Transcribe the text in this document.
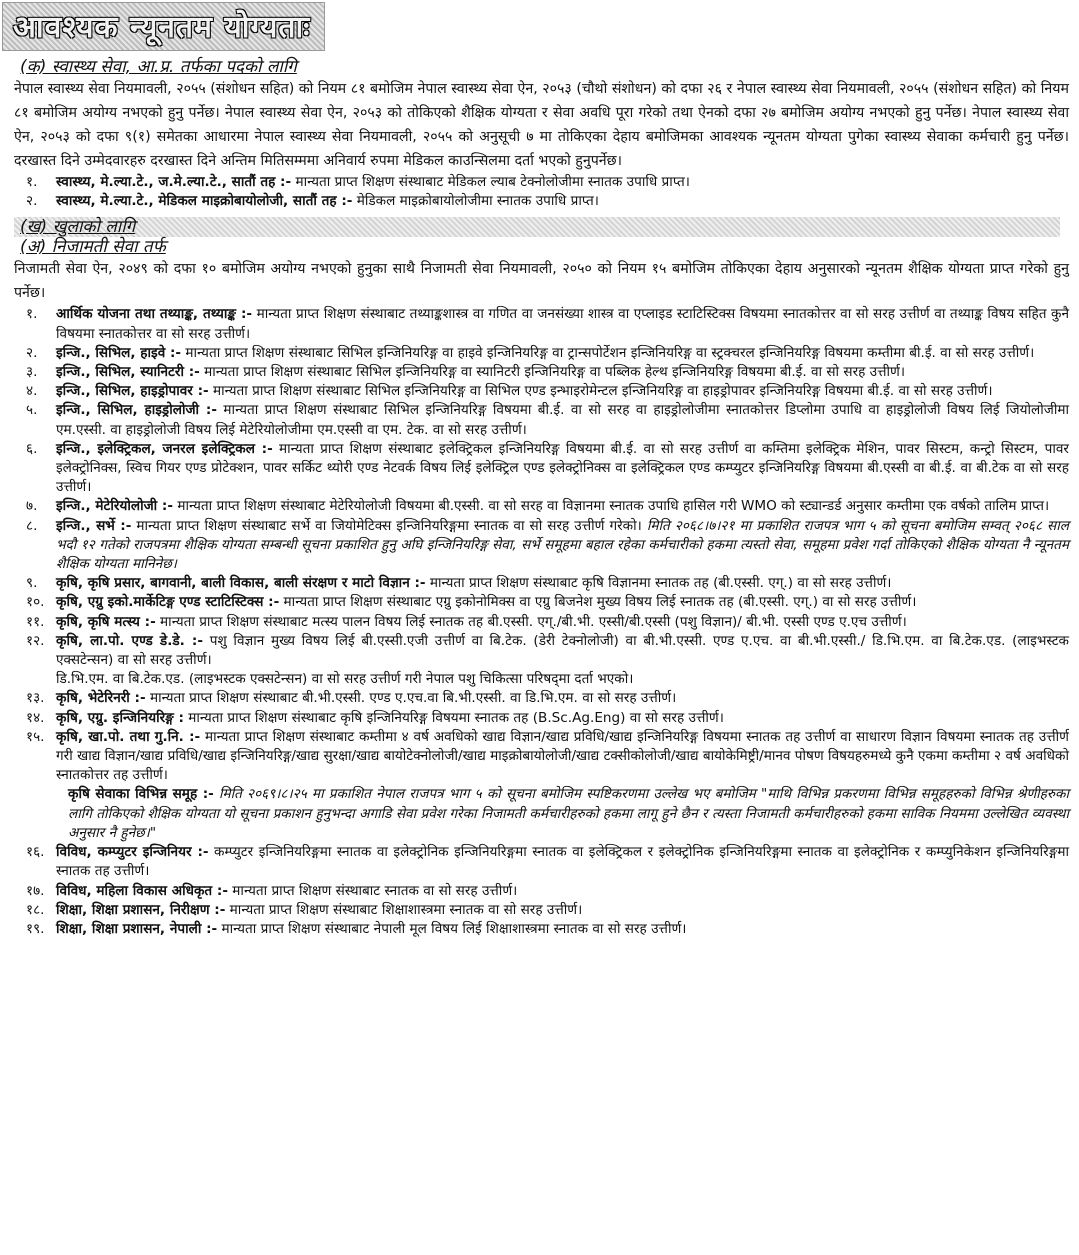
आवश्यक न्यूनतम योग्यताः
(क) स्वास्थ्य सेवा, आ.प्र. तर्फका पदको लागि

नेपाल स्वास्थ्य सेवा नियमावली, २०५५ (संशोधन सहित) को नियम ८१ बमोजिम नेपाल स्वास्थ्य सेवा ऐन, २०५३ (चौथो संशोधन) को दफा २६ र नेपाल स्वास्थ्य सेवा नियमावली, २०५५ (संशोधन सहित) को नियम ८१ बमोजिम अयोग्य नभएको हुनु पर्नेछ। नेपाल स्वास्थ्य सेवा ऐन, २०५३ को तोकिएको शैक्षिक योग्यता र सेवा अवधि पूरा गरेको तथा ऐनको दफा २७ बमोजिम अयोग्य नभएको हुनु पर्नेछ। नेपाल स्वास्थ्य सेवा ऐन, २०५३ को दफा ९(१) समेतका आधारमा नेपाल स्वास्थ्य सेवा नियमावली, २०५५ को अनुसूची ७ मा तोकिएका देहाय बमोजिमका आवश्यक न्यूनतम योग्यता पुगेका स्वास्थ्य सेवाका कर्मचारी हुनु पर्नेछ। दरखास्त दिने उम्मेदवारहरु दरखास्त दिने अन्तिम मितिसम्ममा अनिवार्य रुपमा मेडिकल काउन्सिलमा दर्ता भएको हुनुपर्नेछ।

१.	स्वास्थ्य, मे.ल्या.टे., ज.मे.ल्या.टे., सातौं तह :- मान्यता प्राप्त शिक्षण संस्थाबाट मेडिकल ल्याब टेक्नोलोजीमा स्नातक उपाधि प्राप्त।
२.	स्वास्थ्य, मे.ल्या.टे., मेडिकल माइक्रोबायोलोजी, सातौं तह :- मेडिकल माइक्रोबायोलोजीमा स्नातक उपाधि प्राप्त।
(ख) खुलाको लागि
(अ) निजामती सेवा तर्फ

निजामती सेवा ऐन, २०४९ को दफा १० बमोजिम अयोग्य नभएको हुनुका साथै निजामती सेवा नियमावली, २०५० को नियम १५ बमोजिम तोकिएका देहाय अनुसारको न्यूनतम शैक्षिक योग्यता प्राप्त गरेको हुनु पर्नेछ।

१.	आर्थिक योजना तथा तथ्याङ्क, तथ्याङ्क :- मान्यता प्राप्त शिक्षण संस्थाबाट तथ्याङ्कशास्त्र वा गणित वा जनसंख्या शास्त्र वा एप्लाइड स्टाटिस्टिक्स विषयमा स्नातकोत्तर वा सो सरह उत्तीर्ण वा तथ्याङ्क विषय सहित कुनै विषयमा स्नातकोत्तर वा सो सरह उत्तीर्ण।
२.	इन्जि., सिभिल, हाइवे :- मान्यता प्राप्त शिक्षण संस्थाबाट सिभिल इन्जिनियरिङ्ग वा हाइवे इन्जिनियरिङ्ग वा ट्रान्सपोर्टेशन इन्जिनियरिङ्ग वा स्ट्रक्चरल इन्जिनियरिङ्ग विषयमा कम्तीमा बी.ई. वा सो सरह उत्तीर्ण।
३.	इन्जि., सिभिल, स्यानिटरी :- मान्यता प्राप्त शिक्षण संस्थाबाट सिभिल इन्जिनियरिङ्ग वा स्यानिटरी इन्जिनियरिङ्ग वा पब्लिक हेल्थ इन्जिनियरिङ्ग विषयमा बी.ई. वा सो सरह उत्तीर्ण।
४.	इन्जि., सिभिल, हाइड्रोपावर :- मान्यता प्राप्त शिक्षण संस्थाबाट सिभिल इन्जिनियरिङ्ग वा सिभिल एण्ड इन्भाइरोमेन्टल इन्जिनियरिङ्ग वा हाइड्रोपावर इन्जिनियरिङ्ग विषयमा बी.ई. वा सो सरह उत्तीर्ण।
५.	इन्जि., सिभिल, हाइड्रोलोजी :- मान्यता प्राप्त शिक्षण संस्थाबाट सिभिल इन्जिनियरिङ्ग विषयमा बी.ई. वा सो सरह वा हाइड्रोलोजीमा स्नातकोत्तर डिप्लोमा उपाधि वा हाइड्रोलोजी विषय लिई जियोलोजीमा एम.एस्सी. वा हाइड्रोलोजी विषय लिई मेटेरियोलोजीमा एम.एस्सी वा एम. टेक. वा सो सरह उत्तीर्ण।
६.	इन्जि., इलेक्ट्रिकल, जनरल इलेक्ट्रिकल :- मान्यता प्राप्त शिक्षण संस्थाबाट इलेक्ट्रिकल इन्जिनियरिङ्ग विषयमा बी.ई. वा सो सरह उत्तीर्ण वा कम्तिमा इलेक्ट्रिक मेशिन, पावर सिस्टम, कन्ट्रो सिस्टम, पावर इलेक्ट्रोनिक्स, स्विच गियर एण्ड प्रोटेक्शन, पावर सर्किट थ्योरी एण्ड नेटवर्क विषय लिई इलेक्ट्रिल एण्ड इलेक्ट्रोनिक्स वा इलेक्ट्रिकल एण्ड कम्प्युटर इन्जिनियरिङ्ग विषयमा बी.एस्सी वा बी.ई. वा बी.टेक वा सो सरह उत्तीर्ण।
७.	इन्जि., मेटेरियोलोजी :- मान्यता प्राप्त शिक्षण संस्थाबाट मेटेरियोलोजी विषयमा बी.एस्सी. वा सो सरह वा विज्ञानमा स्नातक उपाधि हासिल गरी WMO को स्ट्यान्डर्ड अनुसार कम्तीमा एक वर्षको तालिम प्राप्त।
८.	इन्जि., सर्भे :- मान्यता प्राप्त शिक्षण संस्थाबाट सर्भे वा जियोमेटिक्स इन्जिनियरिङ्गमा स्नातक वा सो सरह उत्तीर्ण गरेको। मिति २०६८।७।२१ मा प्रकाशित राजपत्र भाग ५ को सूचना बमोजिम सम्वत् २०६८ साल भदौ १२ गतेको राजपत्रमा शैक्षिक योग्यता सम्बन्धी सूचना प्रकाशित हुनु अघि इन्जिनियरिङ्ग सेवा, सर्भे समूहमा बहाल रहेका कर्मचारीको हकमा त्यस्तो सेवा, समूहमा प्रवेश गर्दा तोकिएको शैक्षिक योग्यता नै न्यूनतम शैक्षिक योग्यता मानिनेछ।
९.	कृषि, कृषि प्रसार, बागवानी, बाली विकास, बाली संरक्षण र माटो विज्ञान :- मान्यता प्राप्त शिक्षण संस्थाबाट कृषि विज्ञानमा स्नातक तह (बी.एस्सी. एग्.) वा सो सरह उत्तीर्ण।
१०. कृषि, एग्रु इको.मार्केटिङ्ग एण्ड स्टाटिस्टिक्स :- मान्यता प्राप्त शिक्षण संस्थाबाट एग्रु इकोनोमिक्स वा एग्रु बिजनेश मुख्य विषय लिई स्नातक तह (बी.एस्सी. एग्.) वा सो सरह उत्तीर्ण।
११. कृषि, कृषि मत्स्य :- मान्यता प्राप्त शिक्षण संस्थाबाट मत्स्य पालन विषय लिई स्नातक तह बी.एस्सी. एग्./बी.भी. एस्सी/बी.एस्सी (पशु विज्ञान)/ बी.भी. एस्सी एण्ड ए.एच उत्तीर्ण।
१२. कृषि, ला.पो. एण्ड डे.डे. :- पशु विज्ञान मुख्य विषय लिई बी.एस्सी.एजी उत्तीर्ण वा बि.टेक. (डेरी टेक्नोलोजी) वा बी.भी.एस्सी. एण्ड ए.एच. वा बी.भी.एस्सी./ डि.भि.एम. वा बि.टेक.एड. (लाइभस्टक एक्सटेन्सन) वा सो सरह उत्तीर्ण।
डि.भि.एम. वा बि.टेक.एड. (लाइभस्टक एक्सटेन्सन) वा सो सरह उत्तीर्ण गरी नेपाल पशु चिकित्सा परिषद्‌मा दर्ता भएको।
१३. कृषि, भेटेरिनरी :- मान्यता प्राप्त शिक्षण संस्थाबाट बी.भी.एस्सी. एण्ड ए.एच.वा बि.भी.एस्सी. वा डि.भि.एम. वा सो सरह उत्तीर्ण।
१४. कृषि, एग्रु. इन्जिनियरिङ्ग : मान्यता प्राप्त शिक्षण संस्थाबाट कृषि इन्जिनियरिङ्ग विषयमा स्नातक तह (B.Sc.Ag.Eng) वा सो सरह उत्तीर्ण।
१५. कृषि, खा.पो. तथा गु.नि. :- मान्यता प्राप्त शिक्षण संस्थाबाट कम्तीमा ४ वर्ष अवधिको खाद्य विज्ञान/खाद्य प्रविधि/खाद्य इन्जिनियरिङ्ग विषयमा स्नातक तह उत्तीर्ण वा साधारण विज्ञान विषयमा स्नातक तह उत्तीर्ण गरी खाद्य विज्ञान/खाद्य प्रविधि/खाद्य इन्जिनियरिङ्ग/खाद्य सुरक्षा/खाद्य बायोटेक्नोलोजी/खाद्य माइक्रोबायोलोजी/खाद्य टक्सीकोलोजी/खाद्य बायोकेमिष्ट्री/मानव पोषण विषयहरुमध्ये कुनै एकमा कम्तीमा २ वर्ष अवधिको स्नातकोत्तर तह उत्तीर्ण।

कृषि सेवाका विभिन्न समूह :- मिति २०६९।८।२५ मा प्रकाशित नेपाल राजपत्र भाग ५ को सूचना बमोजिम स्पष्टिकरणमा उल्लेख भए बमोजिम "माथि विभिन्न प्रकरणमा विभिन्न समूहहरुको विभिन्न श्रेणीहरुका लागि तोकिएको शैक्षिक योग्यता यो सूचना प्रकाशन हुनुभन्दा अगाडि सेवा प्रवेश गरेका निजामती कर्मचारीहरुको हकमा लागू हुने छैन र त्यस्ता निजामती कर्मचारीहरुको हकमा साविक नियममा उल्लेखित व्यवस्था अनुसार नै हुनेछ।"

१६. विविध, कम्प्युटर इन्जिनियर :- कम्प्युटर इन्जिनियरिङ्गमा स्नातक वा इलेक्ट्रोनिक इन्जिनियरिङ्गमा स्नातक वा इलेक्ट्रिकल र इलेक्ट्रोनिक इन्जिनियरिङ्गमा स्नातक वा इलेक्ट्रोनिक र कम्प्युनिकेशन इन्जिनियरिङ्गमा स्नातक तह उत्तीर्ण।
१७. विविध, महिला विकास अधिकृत :- मान्यता प्राप्त शिक्षण संस्थाबाट स्नातक वा सो सरह उत्तीर्ण।
१८. शिक्षा, शिक्षा प्रशासन, निरीक्षण :- मान्यता प्राप्त शिक्षण संस्थाबाट शिक्षाशास्त्रमा स्नातक वा सो सरह उत्तीर्ण।
१९. शिक्षा, शिक्षा प्रशासन, नेपाली :- मान्यता प्राप्त शिक्षण संस्थाबाट नेपाली मूल विषय लिई शिक्षाशास्त्रमा स्नातक वा सो सरह उत्तीर्ण।
